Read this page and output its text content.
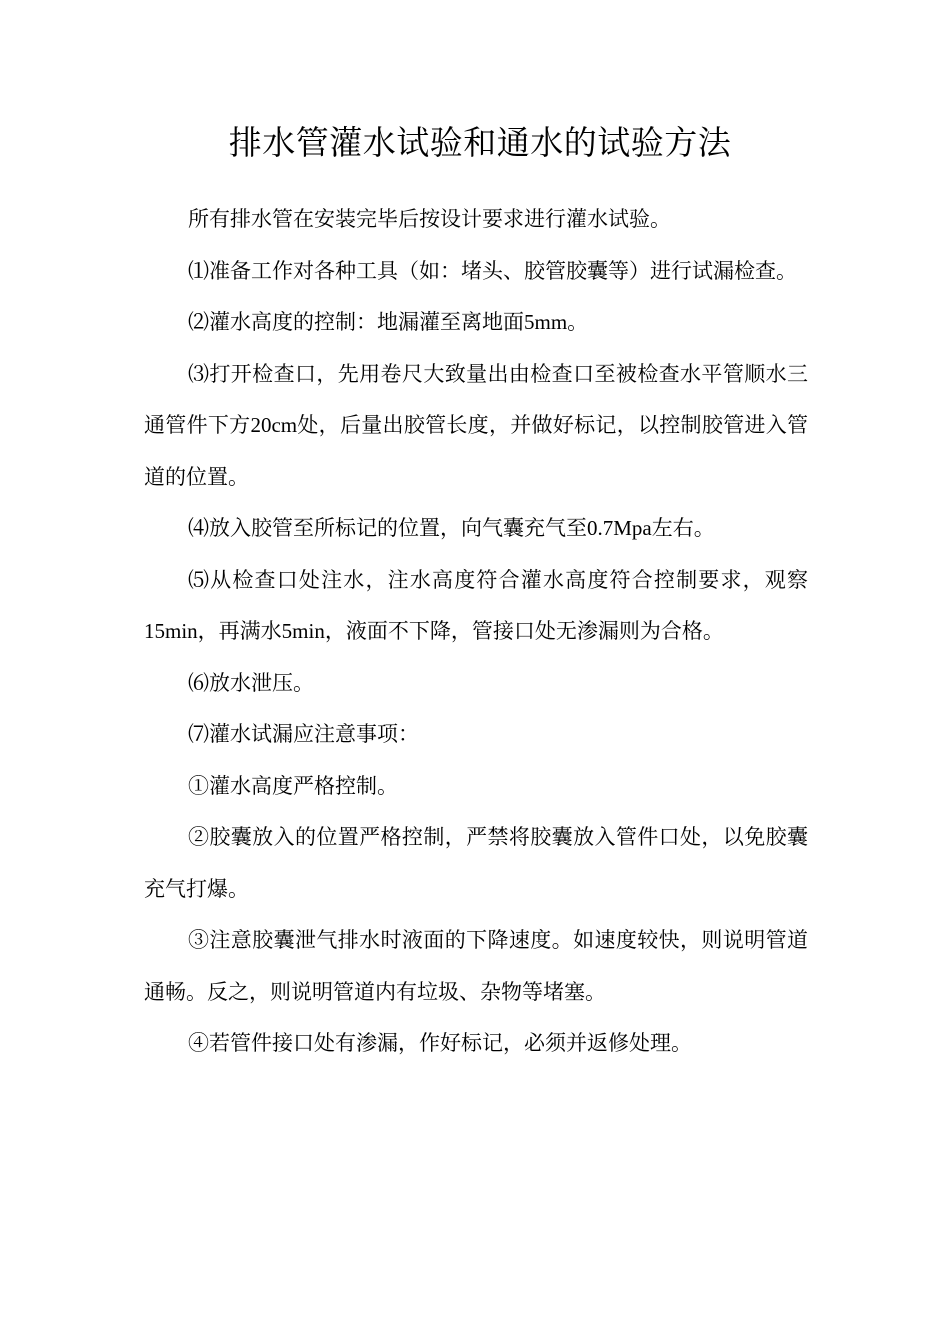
排水管灌水试验和通水的试验方法

所有排水管在安装完毕后按设计要求进行灌水试验。

⑴准备工作对各种工具（如：堵头、胶管胶囊等）进行试漏检查。

⑵灌水高度的控制：地漏灌至离地面5mm。

⑶打开检查口，先用卷尺大致量出由检查口至被检查水平管顺水三通管件下方20cm处，后量出胶管长度，并做好标记，以控制胶管进入管道的位置。

⑷放入胶管至所标记的位置，向气囊充气至0.7Mpa左右。

⑸从检查口处注水，注水高度符合灌水高度符合控制要求，观察15min，再满水5min，液面不下降，管接口处无渗漏则为合格。

⑹放水泄压。

⑺灌水试漏应注意事项：

①灌水高度严格控制。

②胶囊放入的位置严格控制，严禁将胶囊放入管件口处，以免胶囊充气打爆。

③注意胶囊泄气排水时液面的下降速度。如速度较快，则说明管道通畅。反之，则说明管道内有垃圾、杂物等堵塞。

④若管件接口处有渗漏，作好标记，必须并返修处理。
